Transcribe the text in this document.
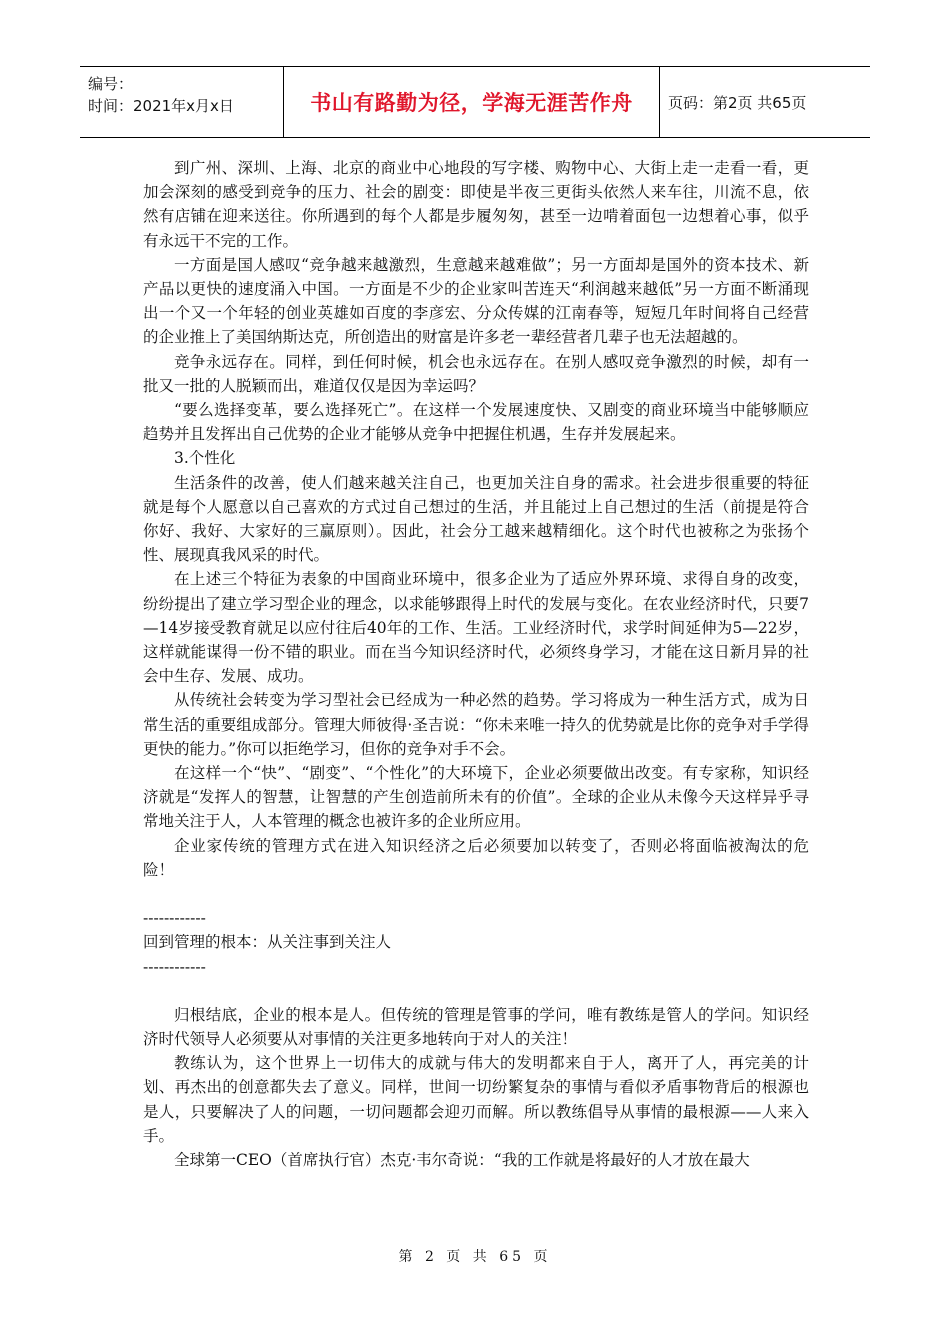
编号：
时间：2021年x月x日	书山有路勤为径，学海无涯苦作舟	页码：第2页 共65页

到广州、深圳、上海、北京的商业中心地段的写字楼、购物中心、大街上走一走看一看，更加会深刻的感受到竞争的压力、社会的剧变：即使是半夜三更街头依然人来车往，川流不息，依然有店铺在迎来送往。你所遇到的每个人都是步履匆匆，甚至一边啃着面包一边想着心事，似乎有永远干不完的工作。

一方面是国人感叹“竞争越来越激烈，生意越来越难做”；另一方面却是国外的资本技术、新产品以更快的速度涌入中国。一方面是不少的企业家叫苦连天“利润越来越低”另一方面不断涌现出一个又一个年轻的创业英雄如百度的李彦宏、分众传媒的江南春等，短短几年时间将自己经营的企业推上了美国纳斯达克，所创造出的财富是许多老一辈经营者几辈子也无法超越的。

竞争永远存在。同样，到任何时候，机会也永远存在。在别人感叹竞争激烈的时候，却有一批又一批的人脱颖而出，难道仅仅是因为幸运吗？

“要么选择变革，要么选择死亡”。在这样一个发展速度快、又剧变的商业环境当中能够顺应趋势并且发挥出自己优势的企业才能够从竞争中把握住机遇，生存并发展起来。

3.个性化

生活条件的改善，使人们越来越关注自己，也更加关注自身的需求。社会进步很重要的特征就是每个人愿意以自己喜欢的方式过自己想过的生活，并且能过上自己想过的生活（前提是符合你好、我好、大家好的三赢原则）。因此，社会分工越来越精细化。这个时代也被称之为张扬个性、展现真我风采的时代。

在上述三个特征为表象的中国商业环境中，很多企业为了适应外界环境、求得自身的改变，纷纷提出了建立学习型企业的理念，以求能够跟得上时代的发展与变化。在农业经济时代，只要7—14岁接受教育就足以应付往后40年的工作、生活。工业经济时代，求学时间延伸为5—22岁，这样就能谋得一份不错的职业。而在当今知识经济时代，必须终身学习，才能在这日新月异的社会中生存、发展、成功。

从传统社会转变为学习型社会已经成为一种必然的趋势。学习将成为一种生活方式，成为日常生活的重要组成部分。管理大师彼得·圣吉说：“你未来唯一持久的优势就是比你的竞争对手学得更快的能力。”你可以拒绝学习，但你的竞争对手不会。

在这样一个“快”、“剧变”、“个性化”的大环境下，企业必须要做出改变。有专家称，知识经济就是“发挥人的智慧，让智慧的产生创造前所未有的价值”。全球的企业从未像今天这样异乎寻常地关注于人，人本管理的概念也被许多的企业所应用。

企业家传统的管理方式在进入知识经济之后必须要加以转变了，否则必将面临被淘汰的危险！

------------

回到管理的根本：从关注事到关注人

------------

归根结底，企业的根本是人。但传统的管理是管事的学问，唯有教练是管人的学问。知识经济时代领导人必须要从对事情的关注更多地转向于对人的关注！

教练认为，这个世界上一切伟大的成就与伟大的发明都来自于人，离开了人，再完美的计划、再杰出的创意都失去了意义。同样，世间一切纷繁复杂的事情与看似矛盾事物背后的根源也是人，只要解决了人的问题，一切问题都会迎刃而解。所以教练倡导从事情的最根源——人来入手。

全球第一CEO（首席执行官）杰克·韦尔奇说：“我的工作就是将最好的人才放在最大

第 2 页 共 65 页
